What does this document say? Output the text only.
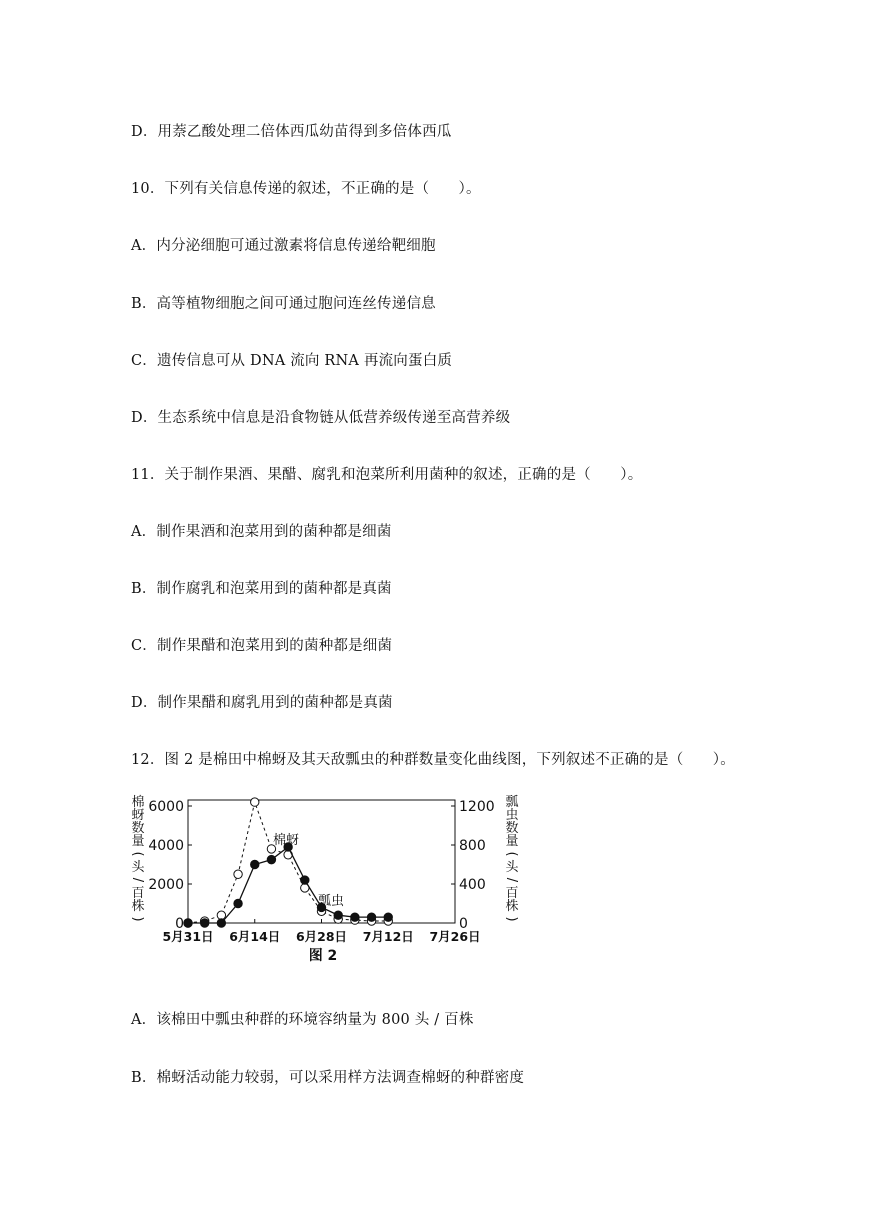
D．用萘乙酸处理二倍体西瓜幼苗得到多倍体西瓜
10．下列有关信息传递的叙述，不正确的是（　　）。
A．内分泌细胞可通过激素将信息传递给靶细胞
B．高等植物细胞之间可通过胞问连丝传递信息
C．遗传信息可从 DNA 流向 RNA 再流向蛋白质
D．生态系统中信息是沿食物链从低营养级传递至高营养级
11．关于制作果酒、果醋、腐乳和泡菜所利用菌种的叙述，正确的是（　　）。
A．制作果酒和泡菜用到的菌种都是细菌
B．制作腐乳和泡菜用到的菌种都是真菌
C．制作果醋和泡菜用到的菌种都是细菌
D．制作果醋和腐乳用到的菌种都是真菌
12．图 2 是棉田中棉蚜及其天敌瓢虫的种群数量变化曲线图，下列叙述不正确的是（　　）。
0
2000
4000
6000
0
400
800
1200
5月31日 6月14日 6月28日 7月12日 7月26日
棉
蚜
数
量
(
头
/
百
株
)
瓢
虫
数
量
(
头
/
百
株
)
棉蚜
瓢虫
图 2
A．该棉田中瓢虫种群的环境容纳量为 800 头 / 百株
B．棉蚜活动能力较弱，可以采用样方法调查棉蚜的种群密度
